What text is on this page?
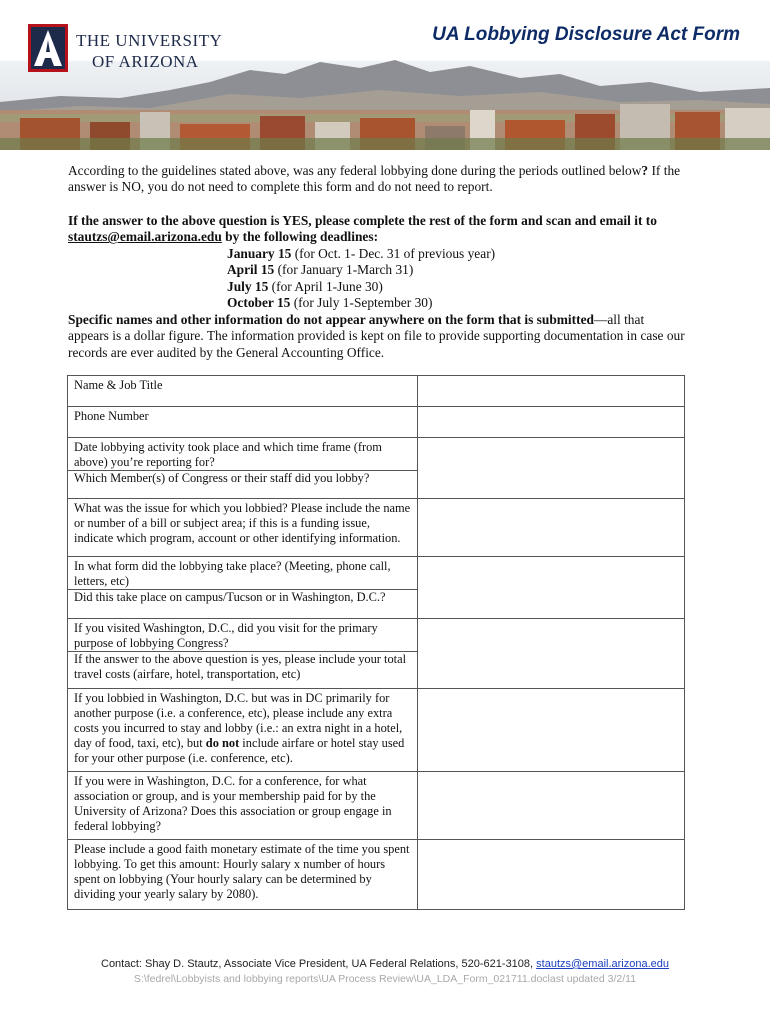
THE UNIVERSITY
OF ARIZONA
UA Lobbying Disclosure Act Form
According to the guidelines stated above, was any federal lobbying done during the periods outlined below? If the answer is NO, you do not need to complete this form and do not need to report.
If the answer to the above question is YES, please complete the rest of the form and scan and email it to stautzs@email.arizona.edu by the following deadlines:
January 15 (for Oct. 1- Dec. 31 of previous year)
April 15 (for January 1-March 31)
July 15 (for April 1-June 30)
October 15 (for July 1-September 30)
Specific names and other information do not appear anywhere on the form that is submitted—all that appears is a dollar figure. The information provided is kept on file to provide supporting documentation in case our records are ever audited by the General Accounting Office.
Name & Job Title	
Phone Number	
Date lobbying activity took place and which time frame (from above) you’re reporting for?
Which Member(s) of Congress or their staff did you lobby?	

What was the issue for which you lobbied? Please include the name or number of a bill or subject area; if this is a funding issue, indicate which program, account or other identifying information.	
In what form did the lobbying take place? (Meeting, phone call, letters, etc)
Did this take place on campus/Tucson or in Washington, D.C.?	

If you visited Washington, D.C., did you visit for the primary purpose of lobbying Congress?
If the answer to the above question is yes, please include your total travel costs (airfare, hotel, transportation, etc)	

If you lobbied in Washington, D.C. but was in DC primarily for another purpose (i.e. a conference, etc), please include any extra costs you incurred to stay and lobby (i.e.: an extra night in a hotel, day of food, taxi, etc), but do not include airfare or hotel stay used for your other purpose (i.e. conference, etc).	
If you were in Washington, D.C. for a conference, for what association or group, and is your membership paid for by the University of Arizona? Does this association or group engage in federal lobbying?	
Please include a good faith monetary estimate of the time you spent lobbying. To get this amount: Hourly salary x number of hours spent on lobbying (Your hourly salary can be determined by dividing your yearly salary by 2080).	
Contact: Shay D. Stautz, Associate Vice President, UA Federal Relations, 520-621-3108, stautzs@email.arizona.edu
S:\fedrel\Lobbyists and lobbying reports\UA Process Review\UA_LDA_Form_021711.doclast updated 3/2/11
